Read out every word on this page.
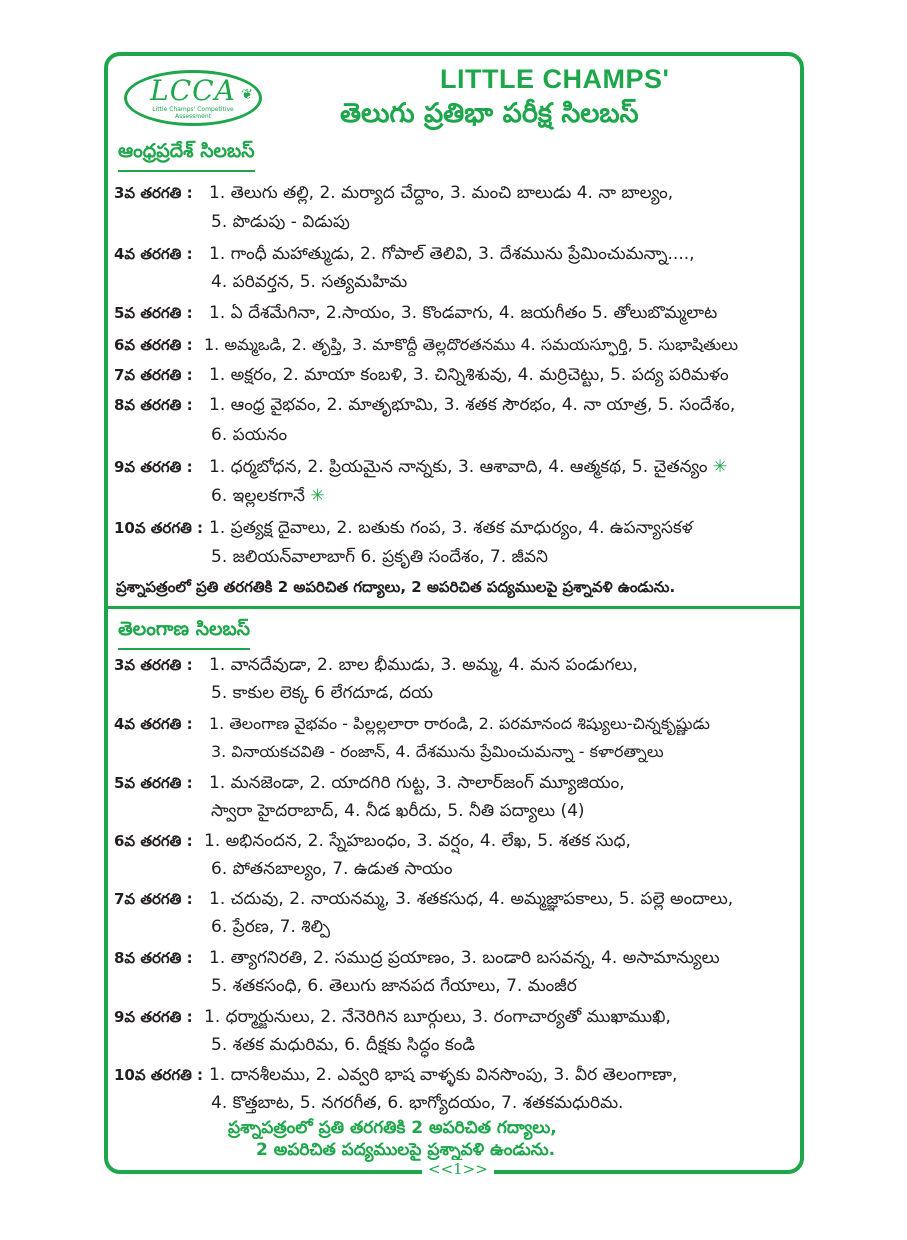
LCCA
Little Champs' Competitive
Assessment
❦
LITTLE CHAMPS'
తెలుగు ప్రతిభా పరీక్ష సిలబస్
ఆంధ్రప్రదేశ్ సిలబస్
3వ తరగతి : 1. తెలుగు తల్లి, 2. మర్యాద చేద్దాం, 3. మంచి బాలుడు 4. నా బాల్యం,
5. పొడుపు - విడుపు
4వ తరగతి : 1. గాంధీ మహాత్ముడు, 2. గోపాల్ తెలివి, 3. దేశమును ప్రేమించుమన్నా....,
4. పరివర్తన, 5. సత్యమహిమ
5వ తరగతి : 1. ఏ దేశమేగినా, 2.సాయం, 3. కొండవాగు, 4. జయగీతం 5. తోలుబొమ్మలాట
6వ తరగతి : 1. అమ్మఒడి, 2. తృప్తి, 3. మాకొద్దీ తెల్లదొరతనము 4. సమయస్ఫూర్తి, 5. సుభాషితులు
7వ తరగతి : 1. అక్షరం, 2. మాయా కంబళి, 3. చిన్నిశిశువు, 4. మర్రిచెట్టు, 5. పద్య పరిమళం
8వ తరగతి : 1. ఆంధ్ర వైభవం, 2. మాతృభూమి, 3. శతక సౌరభం, 4. నా యాత్ర, 5. సందేశం,
6. పయనం
9వ తరగతి : 1. ధర్మబోధన, 2. ప్రియమైన నాన్నకు, 3. ఆశావాది, 4. ఆత్మకథ, 5. చైతన్యం ✳
6. ఇల్లలకగానే ✳
10వ తరగతి : 1. ప్రత్యక్ష దైవాలు, 2. బతుకు గంప, 3. శతక మాధుర్యం, 4. ఉపన్యాసకళ
5. జలియన్‌వాలాబాగ్ 6. ప్రకృతి సందేశం, 7. జీవని
ప్రశ్నాపత్రంలో ప్రతి తరగతికి 2 అపరిచిత గద్యాలు, 2 అపరిచిత పద్యములపై ప్రశ్నావళి ఉండును.
తెలంగాణ సిలబస్
3వ తరగతి : 1. వానదేవుడా, 2. బాల భీముడు, 3. అమ్మ, 4. మన పండుగలు,
5. కాకుల లెక్క 6 లేగదూడ, దయ
4వ తరగతి : 1. తెలంగాణ వైభవం - పిల్లల్లలారా రారండి, 2. పరమానంద శిష్యులు-చిన్నకృష్ణుడు
3. వినాయకచవితి - రంజాన్, 4. దేశమును ప్రేమించుమన్నా - కళారత్నాలు
5వ తరగతి : 1. మనజెండా, 2. యాదగిరి గుట్ట, 3. సాలార్‌జంగ్ మ్యూజియం,
స్వారా హైదరాబాద్, 4. నీడ ఖరీదు, 5. నీతి పద్యాలు (4)
6వ తరగతి : 1. అభినందన, 2. స్నేహబంధం, 3. వర్షం, 4. లేఖ, 5. శతక సుధ,
6. పోతనబాల్యం, 7. ఉడుత సాయం
7వ తరగతి : 1. చదువు, 2. నాయనమ్మ, 3. శతకసుధ, 4. అమ్మజ్ఞాపకాలు, 5. పల్లె అందాలు,
6. ప్రేరణ, 7. శిల్పి
8వ తరగతి : 1. త్యాగనిరతి, 2. సముద్ర ప్రయాణం, 3. బండారి బసవన్న, 4. అసామాన్యులు
5. శతకసంధి, 6. తెలుగు జానపద గేయాలు, 7. మంజీర
9వ తరగతి : 1. ధర్మార్జునులు, 2. నేనెరిగిన బూర్గులు, 3. రంగాచార్యతో ముఖాముఖి,
5. శతక మధురిమ, 6. దీక్షకు సిద్ధం కండి
10వ తరగతి : 1. దానశీలము, 2. ఎవ్వరి భాష వాళ్ళకు వినసొంపు, 3. వీర తెలంగాణా,
4. కొత్తబాట, 5. నగరగీత, 6. భాగ్యోదయం, 7. శతకమధురిమ.
ప్రశ్నాపత్రంలో ప్రతి తరగతికి 2 అపరిచిత గద్యాలు,
2 అపరిచిత పద్యములపై ప్రశ్నావళి ఉండును.
<<1>>
